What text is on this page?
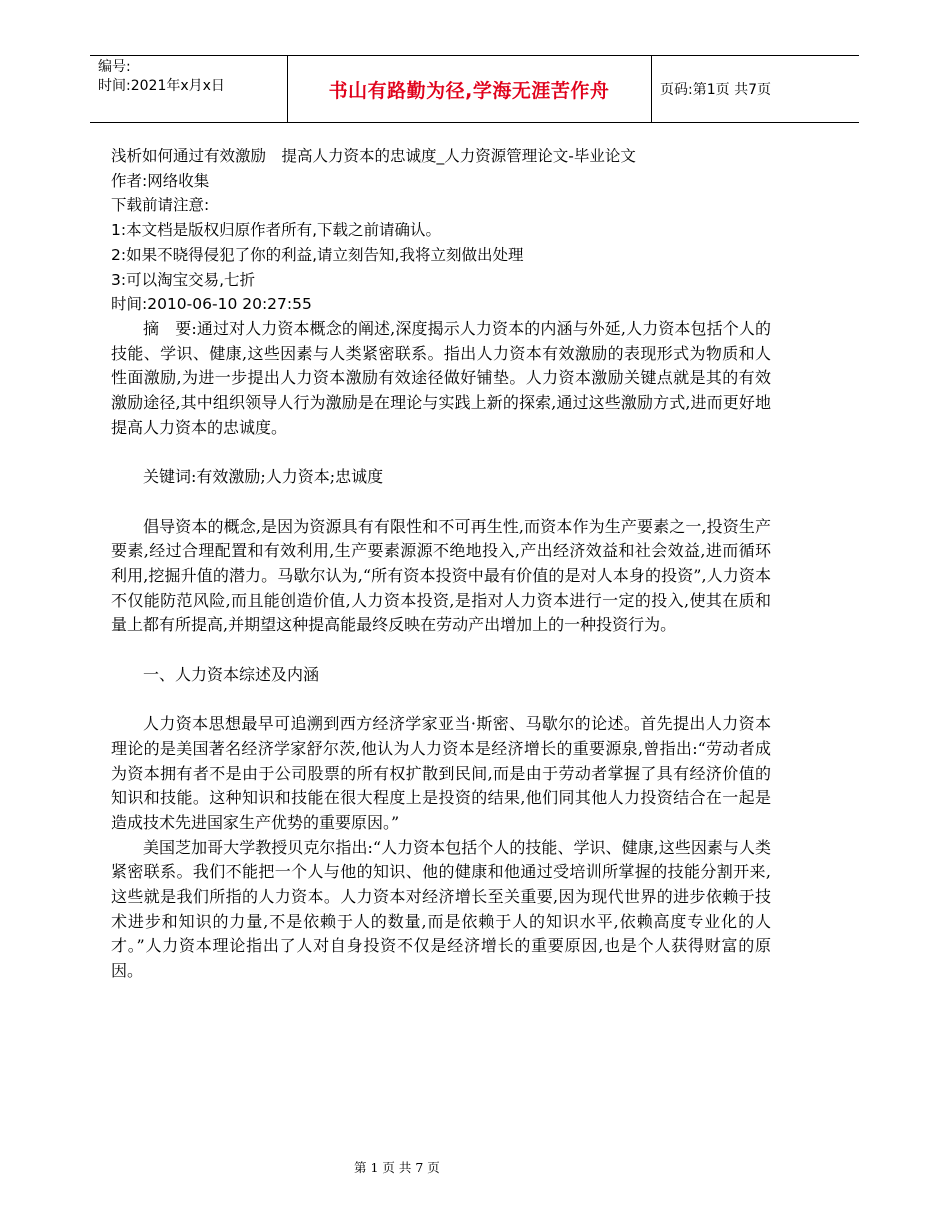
编号:
时间:2021年x月x日	书山有路勤为径,学海无涯苦作舟	页码:第1页 共7页
浅析如何通过有效激励　提高人力资本的忠诚度_人力资源管理论文-毕业论文
作者:网络收集
下载前请注意:
1:本文档是版权归原作者所有,下载之前请确认。
2:如果不晓得侵犯了你的利益,请立刻告知,我将立刻做出处理
3:可以淘宝交易,七折
时间:2010-06-10 20:27:55

摘　要:通过对人力资本概念的阐述,深度揭示人力资本的内涵与外延,人力资本包括个人的技能、学识、健康,这些因素与人类紧密联系。指出人力资本有效激励的表现形式为物质和人性面激励,为进一步提出人力资本激励有效途径做好铺垫。人力资本激励关键点就是其的有效激励途径,其中组织领导人行为激励是在理论与实践上新的探索,通过这些激励方式,进而更好地提高人力资本的忠诚度。

关键词:有效激励;人力资本;忠诚度

倡导资本的概念,是因为资源具有有限性和不可再生性,而资本作为生产要素之一,投资生产要素,经过合理配置和有效利用,生产要素源源不绝地投入,产出经济效益和社会效益,进而循环利用,挖掘升值的潜力。马歇尔认为,“所有资本投资中最有价值的是对人本身的投资”,人力资本不仅能防范风险,而且能创造价值,人力资本投资,是指对人力资本进行一定的投入,使其在质和量上都有所提高,并期望这种提高能最终反映在劳动产出增加上的一种投资行为。

一、人力资本综述及内涵

人力资本思想最早可追溯到西方经济学家亚当·斯密、马歇尔的论述。首先提出人力资本理论的是美国著名经济学家舒尔茨,他认为人力资本是经济增长的重要源泉,曾指出:“劳动者成为资本拥有者不是由于公司股票的所有权扩散到民间,而是由于劳动者掌握了具有经济价值的知识和技能。这种知识和技能在很大程度上是投资的结果,他们同其他人力投资结合在一起是造成技术先进国家生产优势的重要原因。”

美国芝加哥大学教授贝克尔指出:“人力资本包括个人的技能、学识、健康,这些因素与人类紧密联系。我们不能把一个人与他的知识、他的健康和他通过受培训所掌握的技能分割开来,这些就是我们所指的人力资本。人力资本对经济增长至关重要,因为现代世界的进步依赖于技术进步和知识的力量,不是依赖于人的数量,而是依赖于人的知识水平,依赖高度专业化的人才。”人力资本理论指出了人对自身投资不仅是经济增长的重要原因,也是个人获得财富的原因。

第 1 页 共 7 页
